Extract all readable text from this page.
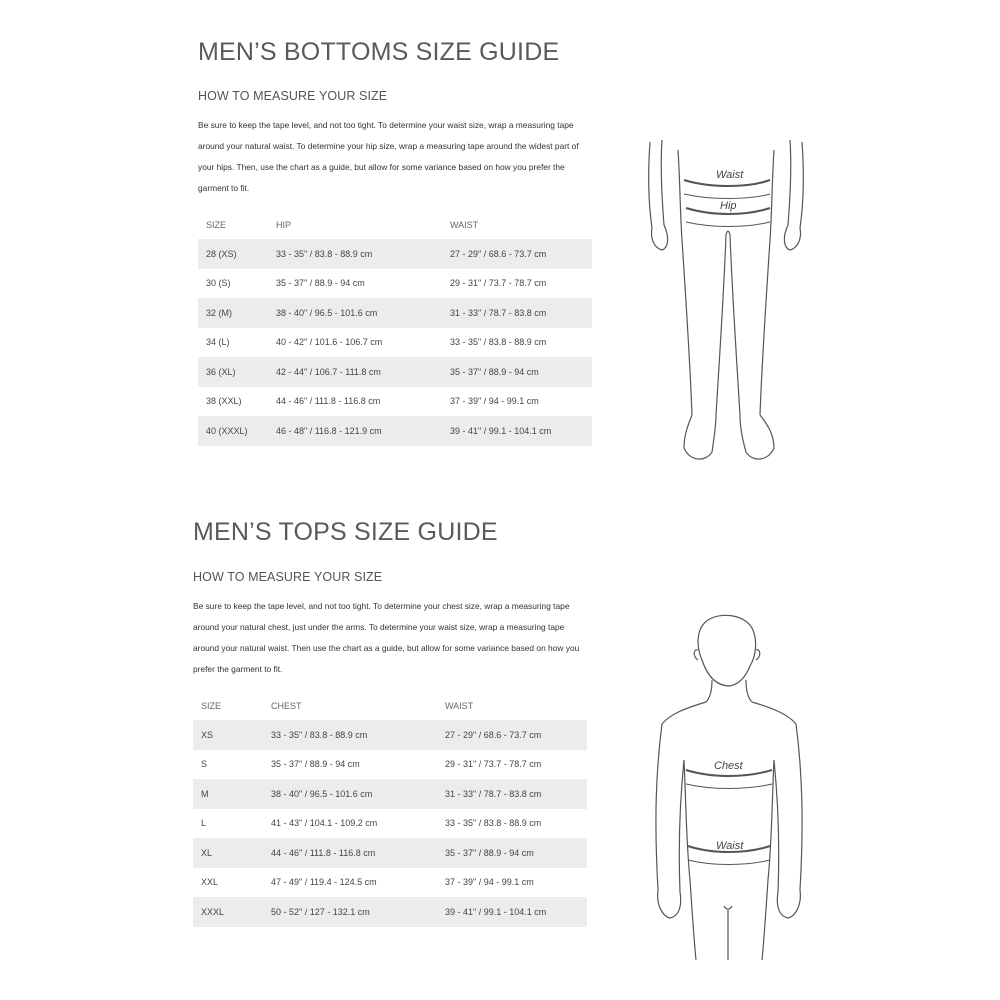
MEN’S BOTTOMS SIZE GUIDE
HOW TO MEASURE YOUR SIZE

Be sure to keep the tape level, and not too tight. To determine your waist size, wrap a measuring tape around your natural waist. To determine your hip size, wrap a measuring tape around the widest part of your hips. Then, use the chart as a guide, but allow for some variance based on how you prefer the garment to fit.

SIZE	HIP	WAIST
28 (XS)	33 - 35" / 83.8 - 88.9 cm	27 - 29" / 68.6 - 73.7 cm
30 (S)	35 - 37" / 88.9 - 94 cm	29 - 31" / 73.7 - 78.7 cm
32 (M)	38 - 40" / 96.5 - 101.6 cm	31 - 33" / 78.7 - 83.8 cm
34 (L)	40 - 42" / 101.6 - 106.7 cm	33 - 35" / 83.8 - 88.9 cm
36 (XL)	42 - 44" / 106.7 - 111.8 cm	35 - 37" / 88.9 - 94 cm
38 (XXL)	44 - 46" / 111.8 - 116.8 cm	37 - 39" / 94 - 99.1 cm
40 (XXXL)	46 - 48" / 116.8 - 121.9 cm	39 - 41" / 99.1 - 104.1 cm
Waist
Hip
MEN’S TOPS SIZE GUIDE
HOW TO MEASURE YOUR SIZE

Be sure to keep the tape level, and not too tight. To determine your chest size, wrap a measuring tape around your natural chest, just under the arms. To determine your waist size, wrap a measuring tape around your natural waist. Then use the chart as a guide, but allow for some variance based on how you prefer the garment to fit.

SIZE	CHEST	WAIST
XS	33 - 35" / 83.8 - 88.9 cm	27 - 29" / 68.6 - 73.7 cm
S	35 - 37" / 88.9 - 94 cm	29 - 31" / 73.7 - 78.7 cm
M	38 - 40" / 96.5 - 101.6 cm	31 - 33" / 78.7 - 83.8 cm
L	41 - 43" / 104.1 - 109.2 cm	33 - 35" / 83.8 - 88.9 cm
XL	44 - 46" / 111.8 - 116.8 cm	35 - 37" / 88.9 - 94 cm
XXL	47 - 49" / 119.4 - 124.5 cm	37 - 39" / 94 - 99.1 cm
XXXL	50 - 52" / 127 - 132.1 cm	39 - 41" / 99.1 - 104.1 cm
Chest
Waist
